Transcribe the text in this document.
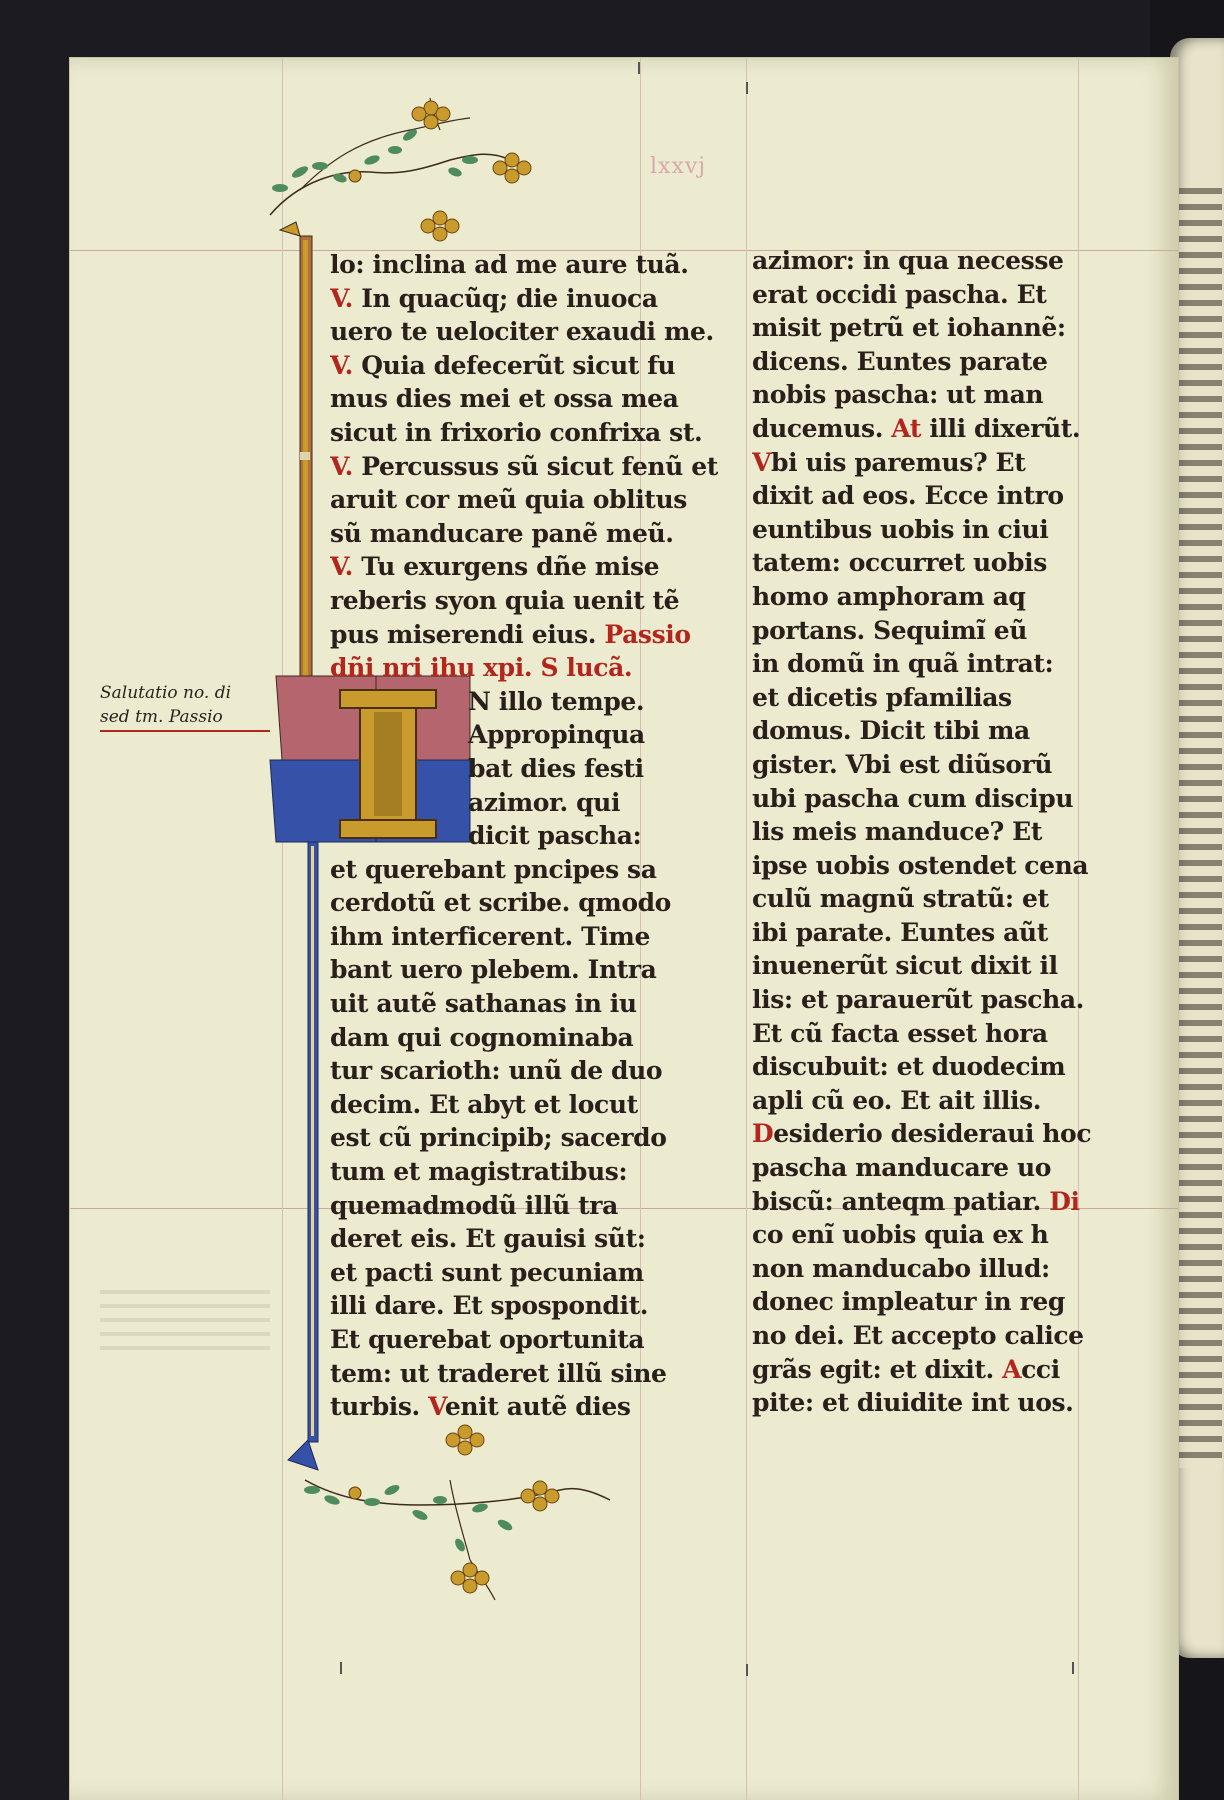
lxxvj
Salutatio no. di
sed tm. Passio
lo: inclina ad me aure tuã.
V. In quacũq; die inuoca
uero te uelociter exaudi me.
V. Quia defecerũt sicut fu
mus dies mei et ossa mea
sicut in frixorio confrixa st.
V. Percussus sũ sicut fenũ et
aruit cor meũ quia oblitus
sũ manducare panẽ meũ.
V. Tu exurgens dñe mise
reberis syon quia uenit tẽ
pus miserendi eius. Passio
dñi nri ihu xpi. S lucã.
N illo tempe.
Appropinqua
bat dies festi
azimor. qui
dicit pascha:
et querebant pncipes sa
cerdotũ et scribe. qmodo
ihm interficerent. Time
bant uero plebem. Intra
uit autẽ sathanas in iu
dam qui cognominaba
tur scarioth: unũ de duo
decim. Et abyt et locut
est cũ principib; sacerdo
tum et magistratibus:
quemadmodũ illũ tra
deret eis. Et gauisi sũt:
et pacti sunt pecuniam
illi dare. Et spospondit.
Et querebat oportunita
tem: ut traderet illũ sine
turbis. Venit autẽ dies
azimor: in qua necesse
erat occidi pascha. Et
misit petrũ et iohannẽ:
dicens. Euntes parate
nobis pascha: ut man
ducemus. At illi dixerũt.
Vbi uis paremus? Et
dixit ad eos. Ecce intro
euntibus uobis in ciui
tatem: occurret uobis
homo amphoram aq
portans. Sequimĩ eũ
in domũ in quã intrat:
et dicetis pfamilias
domus. Dicit tibi ma
gister. Vbi est diũsorũ
ubi pascha cum discipu
lis meis manduce? Et
ipse uobis ostendet cena
culũ magnũ stratũ: et
ibi parate. Euntes aũt
inuenerũt sicut dixit il
lis: et parauerũt pascha.
Et cũ facta esset hora
discubuit: et duodecim
apli cũ eo. Et ait illis.
Desiderio desideraui hoc
pascha manducare uo
biscũ: anteqm patiar. Di
co enĩ uobis quia ex h
non manducabo illud:
donec impleatur in reg
no dei. Et accepto calice
grãs egit: et dixit. Acci
pite: et diuidite int uos.
